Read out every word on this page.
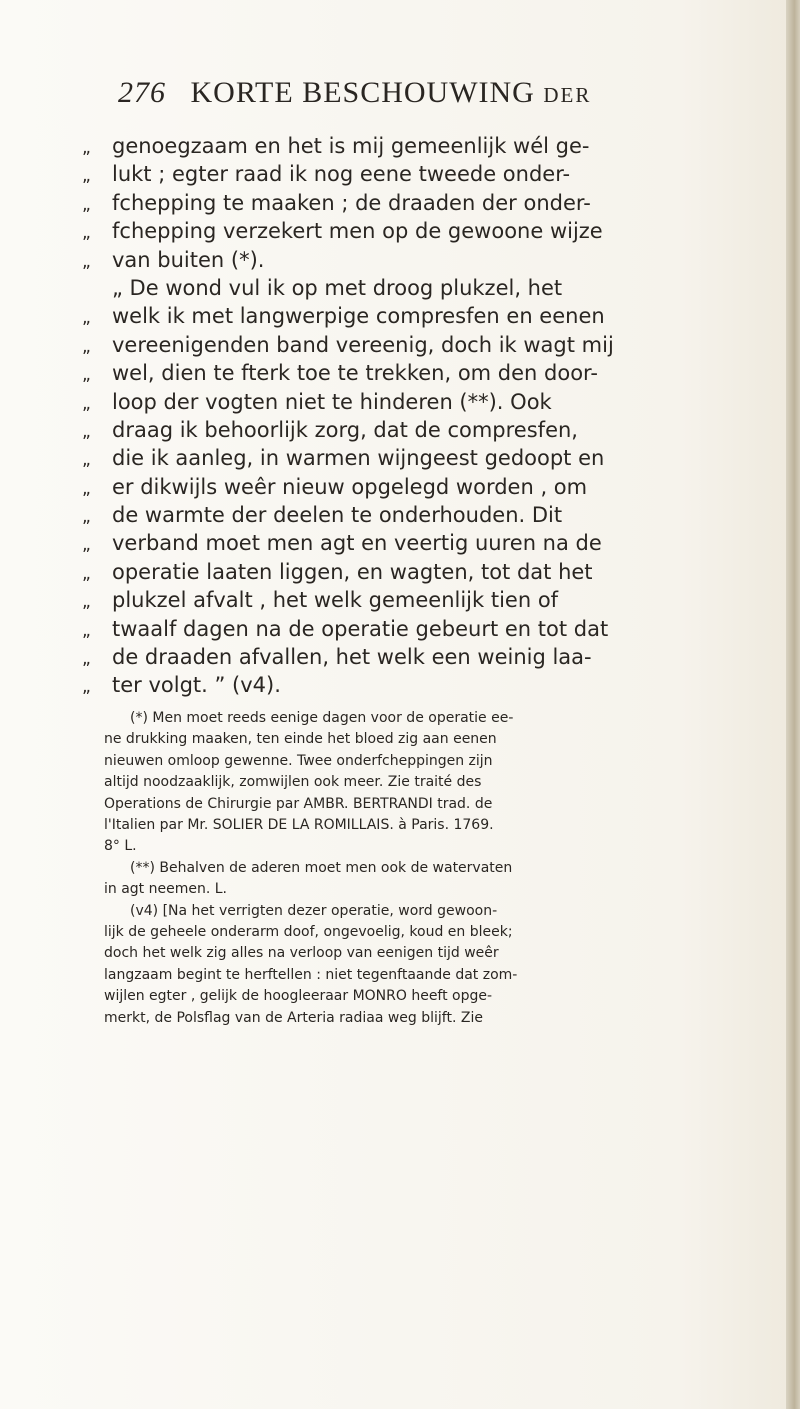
276 KORTE BESCHOUWING DER
„ genoegzaam en het is mij gemeenlijk wél ge-
„ lukt ; egter raad ik nog eene tweede onder-
„ fchepping te maaken ; de draaden der onder-
„ fchepping verzekert men op de gewoone wijze
„ van buiten (*).
„ De wond vul ik op met droog plukzel, het
„ welk ik met langwerpige compresfen en eenen
„ vereenigenden band vereenig, doch ik wagt mij
„ wel, dien te fterk toe te trekken, om den door-
„ loop der vogten niet te hinderen (**). Ook
„ draag ik behoorlijk zorg, dat de compresfen,
„ die ik aanleg, in warmen wijngeest gedoopt en
„ er dikwijls weêr nieuw opgelegd worden , om
„ de warmte der deelen te onderhouden. Dit
„ verband moet men agt en veertig uuren na de
„ operatie laaten liggen, en wagten, tot dat het
„ plukzel afvalt , het welk gemeenlijk tien of
„ twaalf dagen na de operatie gebeurt en tot dat
„ de draaden afvallen, het welk een weinig laa-
„ ter volgt. ” (v4).
(*) Men moet reeds eenige dagen voor de operatie ee-
ne drukking maaken, ten einde het bloed zig aan eenen
nieuwen omloop gewenne. Twee onderfcheppingen zijn
altijd noodzaaklijk, zomwijlen ook meer. Zie traité des
Operations de Chirurgie par AMBR. BERTRANDI trad. de
l'Italien par Mr. SOLIER DE LA ROMILLAIS. à Paris. 1769.
8° L.
(**) Behalven de aderen moet men ook de watervaten
in agt neemen. L.
(v4) [Na het verrigten dezer operatie, word gewoon-
lijk de geheele onderarm doof, ongevoelig, koud en bleek;
doch het welk zig alles na verloop van eenigen tijd weêr
langzaam begint te herftellen : niet tegenftaande dat zom-
wijlen egter , gelijk de hoogleeraar MONRO heeft opge-
merkt, de Polsflag van de Arteria radiaa weg blijft. Zie
